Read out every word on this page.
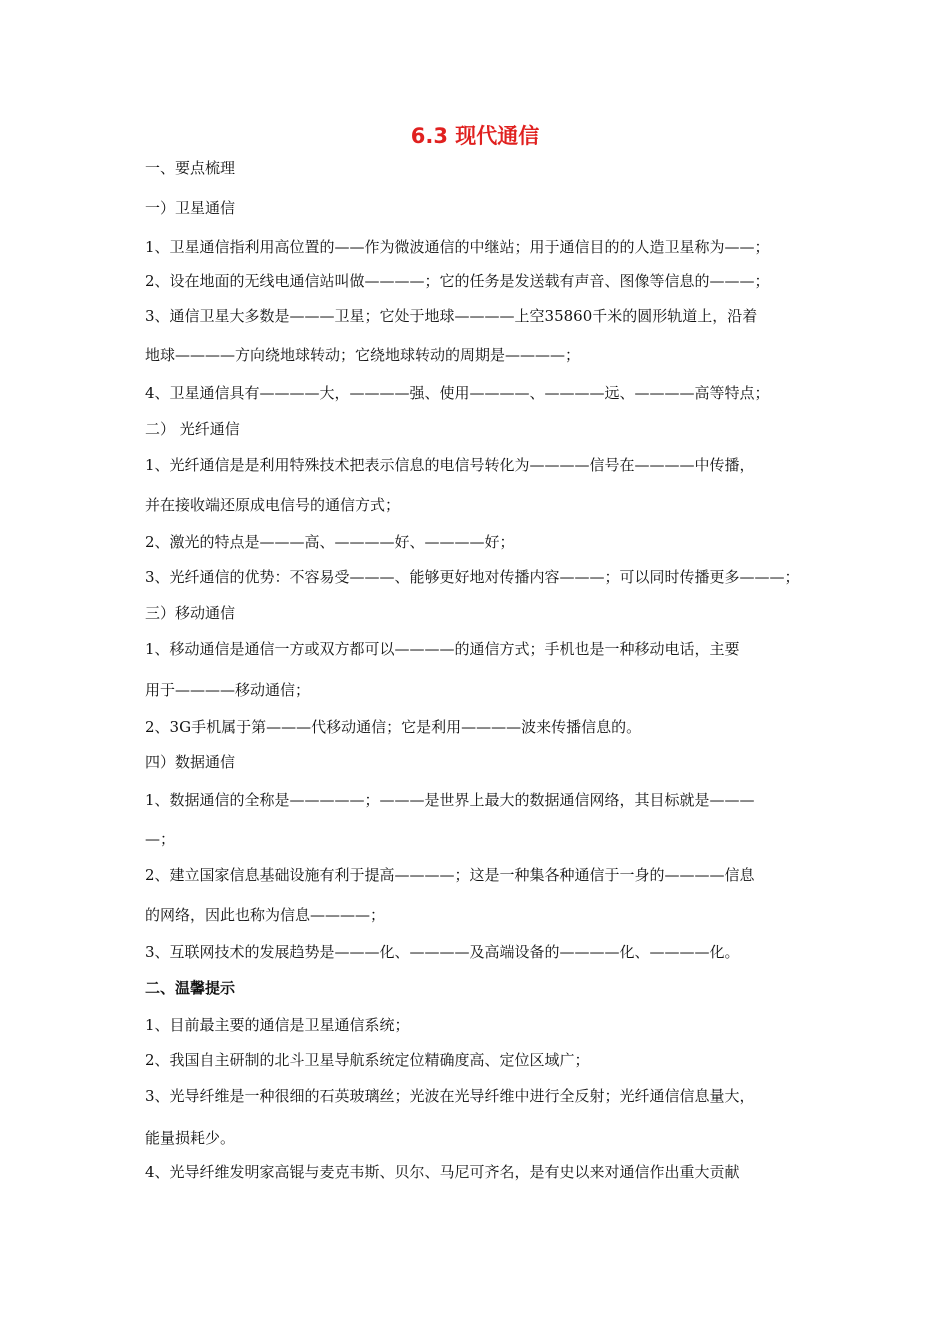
6.3 现代通信
一、要点梳理
一）卫星通信
1、卫星通信指利用高位置的——作为微波通信的中继站；用于通信目的的人造卫星称为——；
2、设在地面的无线电通信站叫做————；它的任务是发送载有声音、图像等信息的———；
3、通信卫星大多数是———卫星；它处于地球————上空35860千米的圆形轨道上，沿着
地球————方向绕地球转动；它绕地球转动的周期是————；
4、卫星通信具有————大，————强、使用————、————远、————高等特点；
二） 光纤通信
1、光纤通信是是利用特殊技术把表示信息的电信号转化为————信号在————中传播，
并在接收端还原成电信号的通信方式；
2、激光的特点是———高、————好、————好；
3、光纤通信的优势：不容易受———、能够更好地对传播内容———；可以同时传播更多———；
三）移动通信
1、移动通信是通信一方或双方都可以————的通信方式；手机也是一种移动电话，主要
用于————移动通信；
2、3G手机属于第———代移动通信；它是利用————波来传播信息的。
四）数据通信
1、数据通信的全称是—————；———是世界上最大的数据通信网络，其目标就是———
—；
2、建立国家信息基础设施有利于提高————；这是一种集各种通信于一身的————信息
的网络，因此也称为信息————；
3、互联网技术的发展趋势是———化、————及高端设备的————化、————化。
二、温馨提示
1、目前最主要的通信是卫星通信系统；
2、我国自主研制的北斗卫星导航系统定位精确度高、定位区域广；
3、光导纤维是一种很细的石英玻璃丝；光波在光导纤维中进行全反射；光纤通信信息量大，
能量损耗少。
4、光导纤维发明家高锟与麦克韦斯、贝尔、马尼可齐名，是有史以来对通信作出重大贡献
